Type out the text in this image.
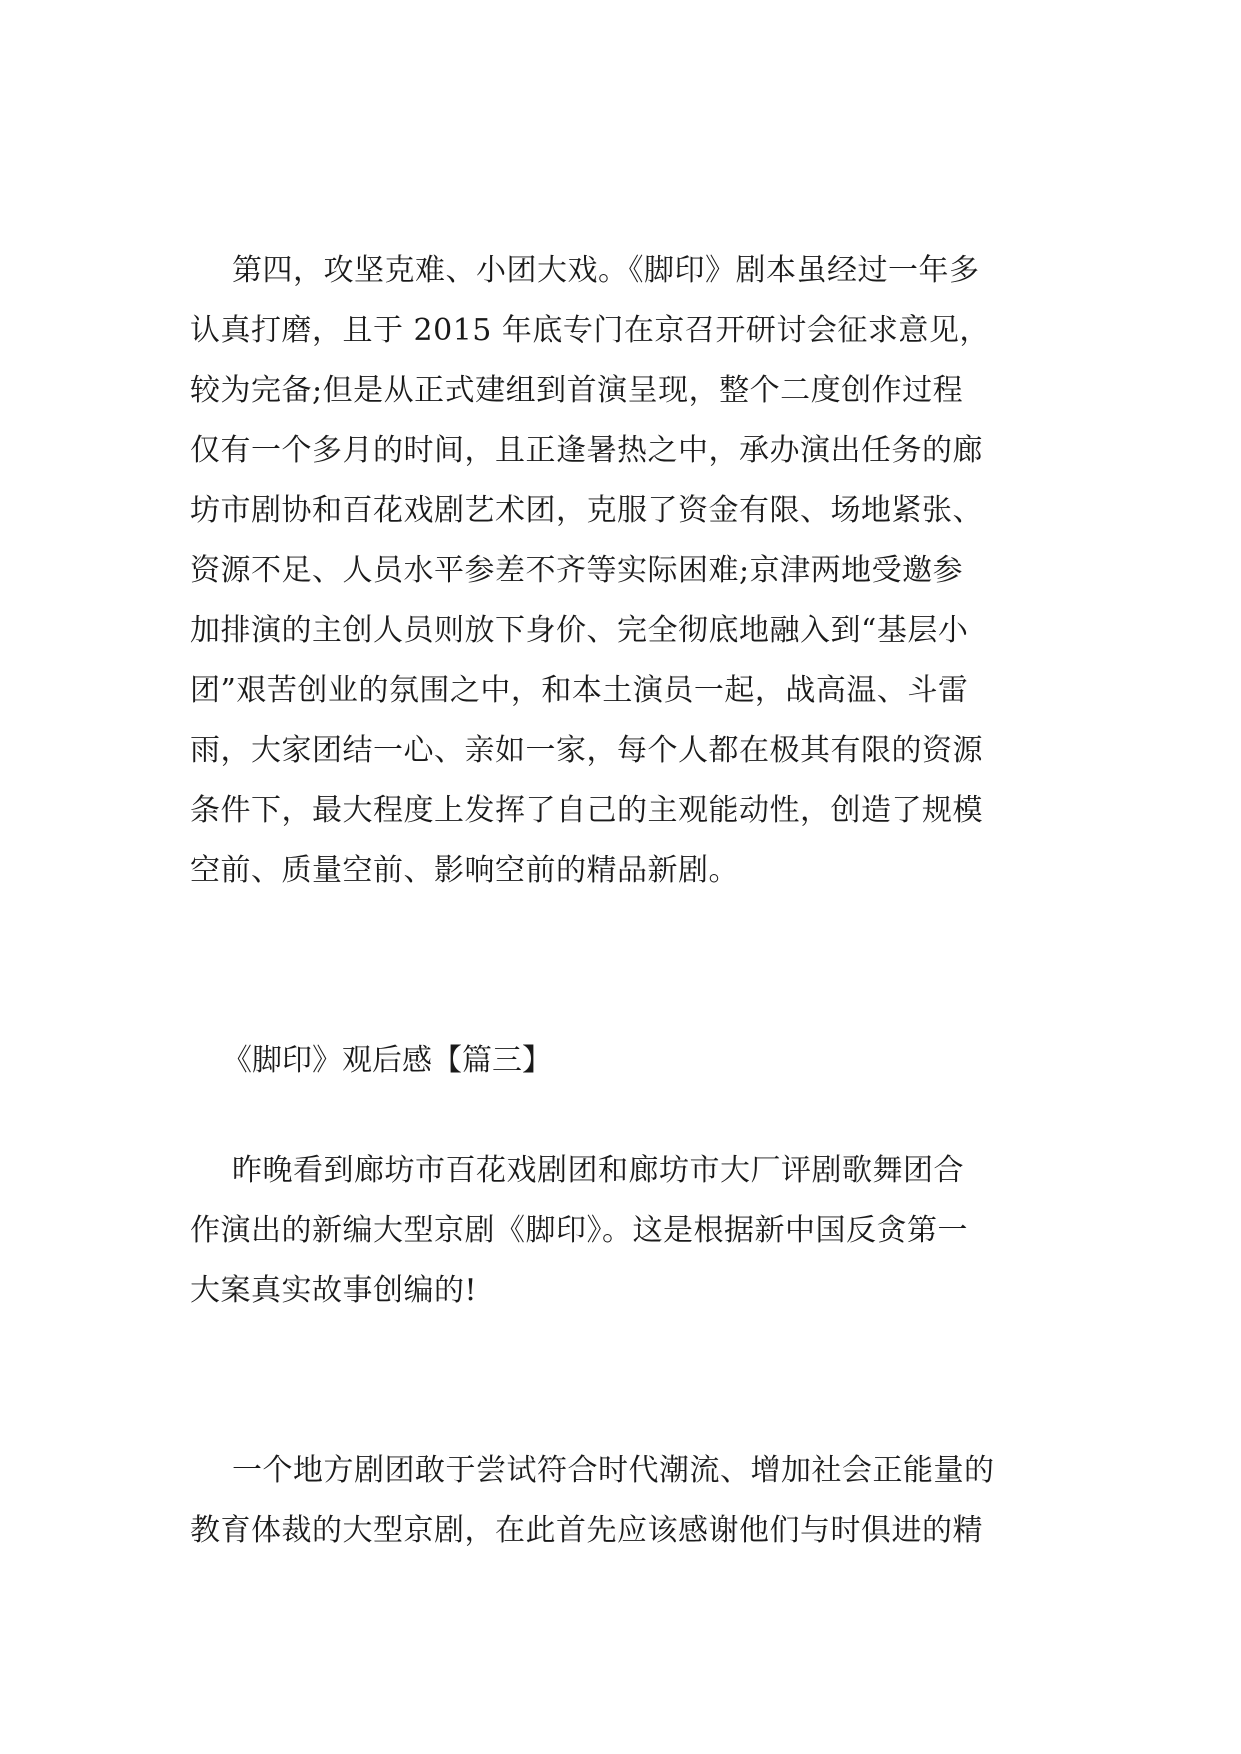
第四，攻坚克难、小团大戏。《脚印》剧本虽经过一年多
认真打磨，且于 2015 年底专门在京召开研讨会征求意见，
较为完备;但是从正式建组到首演呈现，整个二度创作过程
仅有一个多月的时间，且正逢暑热之中，承办演出任务的廊
坊市剧协和百花戏剧艺术团，克服了资金有限、场地紧张、
资源不足、人员水平参差不齐等实际困难;京津两地受邀参
加排演的主创人员则放下身价、完全彻底地融入到“基层小
团”艰苦创业的氛围之中，和本土演员一起，战高温、斗雷
雨，大家团结一心、亲如一家，每个人都在极其有限的资源
条件下，最大程度上发挥了自己的主观能动性，创造了规模
空前、质量空前、影响空前的精品新剧。
《脚印》观后感【篇三】
昨晚看到廊坊市百花戏剧团和廊坊市大厂评剧歌舞团合
作演出的新编大型京剧《脚印》。这是根据新中国反贪第一
大案真实故事创编的!
一个地方剧团敢于尝试符合时代潮流、增加社会正能量的
教育体裁的大型京剧，在此首先应该感谢他们与时俱进的精
